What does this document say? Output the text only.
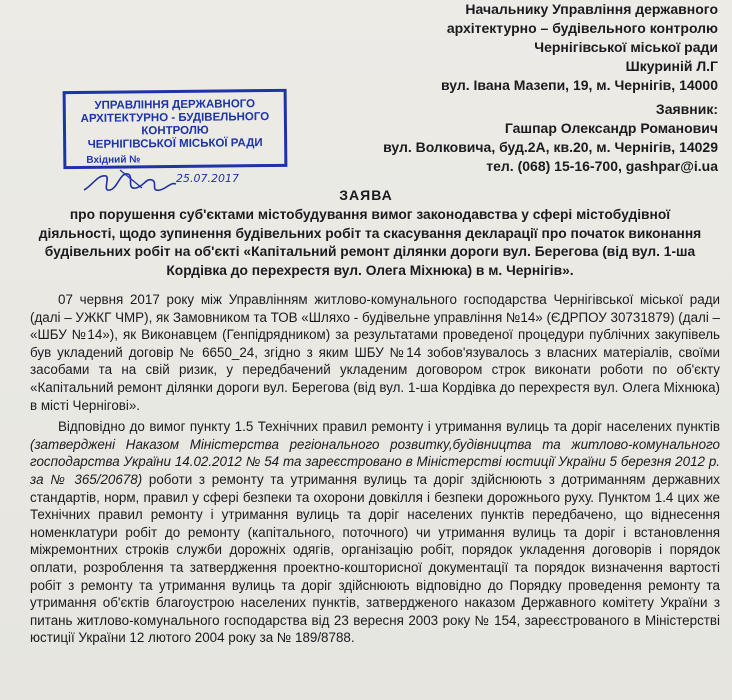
Начальнику Управління державного
архітектурно – будівельного контролю
Чернігівської міської ради
Шкуриній Л.Г
вул. Івана Мазепи, 19, м. Чернігів, 14000
УПРАВЛІННЯ ДЕРЖАВНОГО
АРХІТЕКТУРНО - БУДІВЕЛЬНОГО
КОНТРОЛЮ
ЧЕРНІГІВСЬКОЇ МІСЬКОЇ РАДИ
Вхідний №
25.07.2017
Заявник:
Гашпар Олександр Романович
вул. Волковича, буд.2А, кв.20, м. Чернігів, 14029
тел. (068) 15-16-700, gashpar@i.ua
ЗАЯВА
про порушення суб'єктами містобудування вимог законодавства у сфері містобудівної діяльності, щодо зупинення будівельних робіт та скасування декларації про початок виконання будівельних робіт на об'єкті «Капітальний ремонт ділянки дороги вул. Берегова (від вул. 1-ша Кордівка до перехрестя вул. Олега Міхнюка) в м. Чернігів».

07 червня 2017 року між Управлінням житлово-комунального господарства Чернігівської міської ради (далі – УЖКГ ЧМР), як Замовником та ТОВ «Шляхо - будівельне управління №14» (ЄДРПОУ 30731879) (далі – «ШБУ №14»), як Виконавцем (Генпідрядником) за результатами проведеної процедури публічних закупівель був укладений договір № 6650_24, згідно з яким ШБУ №14 зобов'язувалось з власних матеріалів, своїми засобами та на свій ризик, у передбачений укладеним договором строк виконати роботи по об'єкту «Капітальний ремонт ділянки дороги вул. Берегова (від вул. 1-ша Кордівка до перехрестя вул. Олега Міхнюка) в місті Чернігові».

Відповідно до вимог пункту 1.5 Технічних правил ремонту і утримання вулиць та доріг населених пунктів (затверджені Наказом Міністерства регіонального розвитку,будівництва та житлово-комунального господарства України 14.02.2012 № 54 та зареєстровано в Міністерстві юстиції України 5 березня 2012 р. за № 365/20678) роботи з ремонту та утримання вулиць та доріг здійснюють з дотриманням державних стандартів, норм, правил у сфері безпеки та охорони довкілля і безпеки дорожнього руху. Пунктом 1.4 цих же Технічних правил ремонту і утримання вулиць та доріг населених пунктів передбачено, що віднесення номенклатури робіт до ремонту (капітального, поточного) чи утримання вулиць та доріг і встановлення міжремонтних строків служби дорожніх одягів, організацію робіт, порядок укладення договорів і порядок оплати, розроблення та затвердження проектно-кошторисної документації та порядок визначення вартості робіт з ремонту та утримання вулиць та доріг здійснюють відповідно до Порядку проведення ремонту та утримання об'єктів благоустрою населених пунктів, затвердженого наказом Державного комітету України з питань житлово-комунального господарства від 23 вересня 2003 року № 154, зареєстрованого в Міністерстві юстиції України 12 лютого 2004 року за № 189/8788.
